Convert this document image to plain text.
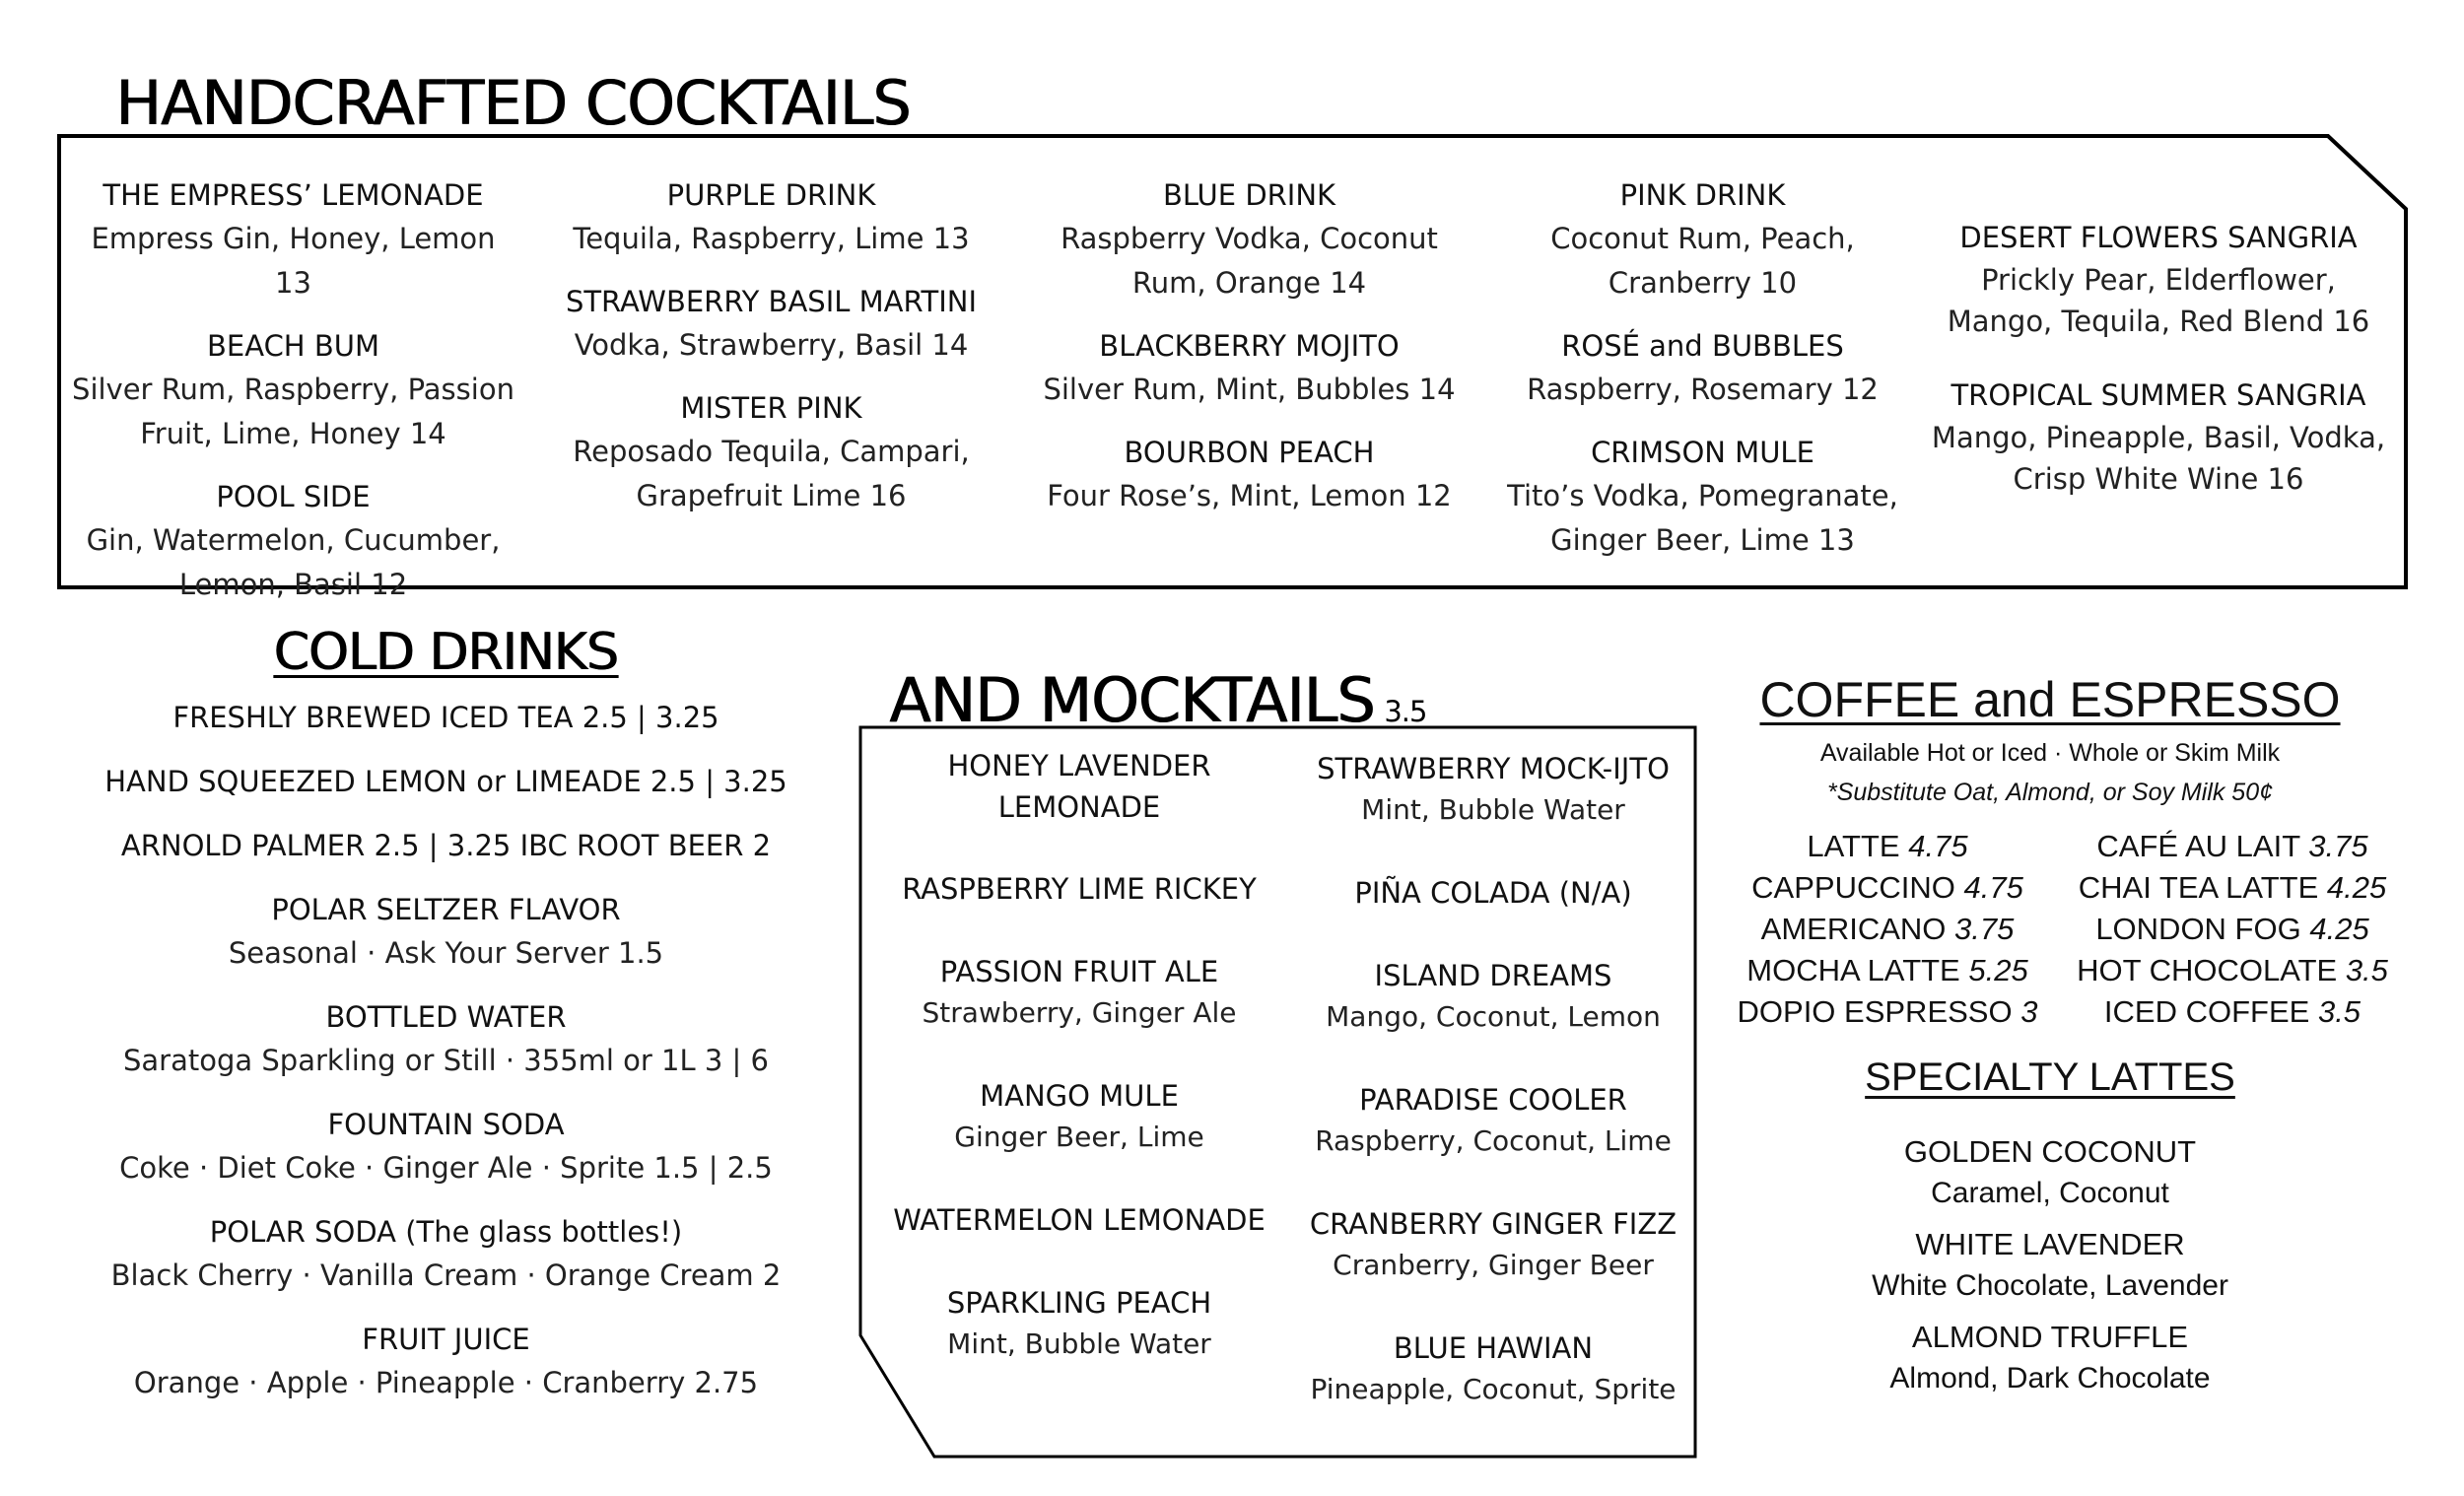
HANDCRAFTED COCKTAILS
THE EMPRESS’ LEMONADE
Empress Gin, Honey, Lemon 13
BEACH BUM
Silver Rum, Raspberry, Passion
Fruit, Lime, Honey 14
POOL SIDE
Gin, Watermelon, Cucumber,
Lemon, Basil 12
PURPLE DRINK
Tequila, Raspberry, Lime 13
STRAWBERRY BASIL MARTINI
Vodka, Strawberry, Basil 14
MISTER PINK
Reposado Tequila, Campari,
Grapefruit Lime 16
BLUE DRINK
Raspberry Vodka, Coconut
Rum, Orange 14
BLACKBERRY MOJITO
Silver Rum, Mint, Bubbles 14
BOURBON PEACH
Four Rose’s, Mint, Lemon 12
PINK DRINK
Coconut Rum, Peach,
Cranberry 10
ROSÉ and BUBBLES
Raspberry, Rosemary 12
CRIMSON MULE
Tito’s Vodka, Pomegranate,
Ginger Beer, Lime 13
DESERT FLOWERS SANGRIA
Prickly Pear, Elderflower,
Mango, Tequila, Red Blend 16
TROPICAL SUMMER SANGRIA
Mango, Pineapple, Basil, Vodka,
Crisp White Wine 16
COLD DRINKS
FRESHLY BREWED ICED TEA 2.5 | 3.25
HAND SQUEEZED LEMON or LIMEADE 2.5 | 3.25
ARNOLD PALMER 2.5 | 3.25 IBC ROOT BEER 2
POLAR SELTZER FLAVOR
Seasonal · Ask Your Server 1.5
BOTTLED WATER
Saratoga Sparkling or Still · 355ml or 1L 3 | 6
FOUNTAIN SODA
Coke · Diet Coke · Ginger Ale · Sprite 1.5 | 2.5
POLAR SODA (The glass bottles!)
Black Cherry · Vanilla Cream · Orange Cream 2
FRUIT JUICE
Orange · Apple · Pineapple · Cranberry 2.75
AND MOCKTAILS 3.5
HONEY LAVENDER
LEMONADE
RASPBERRY LIME RICKEY
PASSION FRUIT ALE
Strawberry, Ginger Ale
MANGO MULE
Ginger Beer, Lime
WATERMELON LEMONADE
SPARKLING PEACH
Mint, Bubble Water
STRAWBERRY MOCK-IJTO
Mint, Bubble Water
PIÑA COLADA (N/A)
ISLAND DREAMS
Mango, Coconut, Lemon
PARADISE COOLER
Raspberry, Coconut, Lime
CRANBERRY GINGER FIZZ
Cranberry, Ginger Beer
BLUE HAWIAN
Pineapple, Coconut, Sprite
COFFEE and ESPRESSO
Available Hot or Iced · Whole or Skim Milk
*Substitute Oat, Almond, or Soy Milk 50¢
LATTE 4.75
CAPPUCCINO 4.75
AMERICANO 3.75
MOCHA LATTE 5.25
DOPIO ESPRESSO 3
CAFÉ AU LAIT 3.75
CHAI TEA LATTE 4.25
LONDON FOG 4.25
HOT CHOCOLATE 3.5
ICED COFFEE 3.5
SPECIALTY LATTES
GOLDEN COCONUT
Caramel, Coconut
WHITE LAVENDER
White Chocolate, Lavender
ALMOND TRUFFLE
Almond, Dark Chocolate
